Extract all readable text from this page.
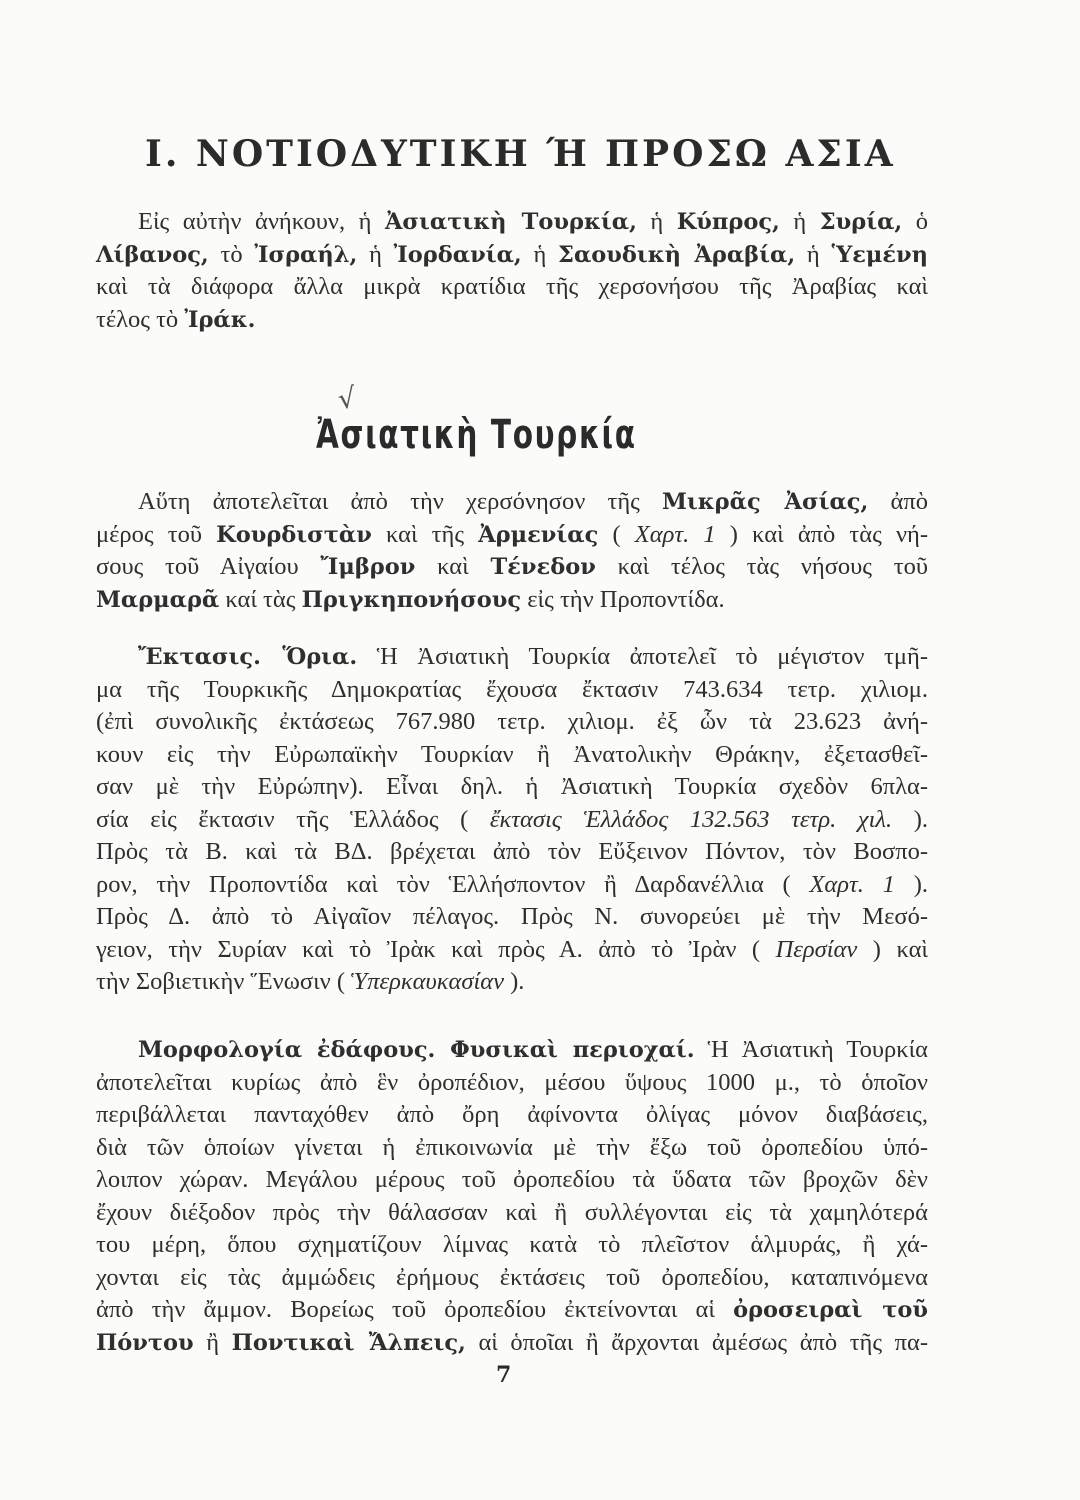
I. ΝΟΤΙΟΔΥΤΙΚΗ Ή ΠΡΟΣΩ ΑΣΙΑ

Εἰς αὐτὴν ἀνήκουν, ἡ Ἀσιατικὴ Τουρκία, ἡ Κύπρος, ἡ Συρία, ὁ
Λίβανος, τὸ Ἰσραήλ, ἡ Ἰορδανία, ἡ Σαουδικὴ Ἀραβία, ἡ Ὑεμένη
καὶ τὰ διάφορα ἄλλα μικρὰ κρατίδια τῆς χερσονήσου τῆς Ἀραβίας καὶ
τέλος τὸ Ἰράκ.

√
Ἀσιατικὴ Τουρκία

Αὕτη ἀποτελεῖται ἀπὸ τὴν χερσόνησον τῆς Μικρᾶς Ἀσίας, ἀπὸ
μέρος τοῦ Κουρδιστὰν καὶ τῆς Ἀρμενίας ( Χαρτ. 1 ) καὶ ἀπὸ τὰς νή-
σους τοῦ Αἰγαίου Ἴμβρον καὶ Τένεδον καὶ τέλος τὰς νήσους τοῦ
Μαρμαρᾶ καί τὰς Πριγκηπονήσους εἰς τὴν Προποντίδα.

Ἔκτασις. Ὅρια. Ἡ Ἀσιατικὴ Τουρκία ἀποτελεῖ τὸ μέγιστον τμῆ-
μα τῆς Τουρκικῆς Δημοκρατίας ἔχουσα ἔκτασιν 743.634 τετρ. χιλιομ.
(ἐπὶ συνολικῆς ἐκτάσεως 767.980 τετρ. χιλιομ. ἐξ ὧν τὰ 23.623 ἀνή-
κουν εἰς τὴν Εὐρωπαϊκὴν Τουρκίαν ἢ Ἀνατολικὴν Θράκην, ἐξετασθεῖ-
σαν μὲ τὴν Εὐρώπην). Εἶναι δηλ. ἡ Ἀσιατικὴ Τουρκία σχεδὸν 6πλα-
σία εἰς ἔκτασιν τῆς Ἑλλάδος ( ἔκτασις Ἑλλάδος 132.563 τετρ. χιλ. ).
Πρὸς τὰ Β. καὶ τὰ ΒΔ. βρέχεται ἀπὸ τὸν Εὔξεινον Πόντον, τὸν Βοσπο-
ρον, τὴν Προποντίδα καὶ τὸν Ἑλλήσποντον ἢ Δαρδανέλλια ( Χαρτ. 1 ).
Πρὸς Δ. ἀπὸ τὸ Αἰγαῖον πέλαγος. Πρὸς Ν. συνορεύει μὲ τὴν Μεσό-
γειον, τὴν Συρίαν καὶ τὸ Ἰρὰκ καὶ πρὸς Α. ἀπὸ τὸ Ἰρὰν ( Περσίαν ) καὶ
τὴν Σοβιετικὴν Ἕνωσιν ( Ὑπερκαυκασίαν ).

Μορφολογία ἐδάφους. Φυσικαὶ περιοχαί. Ἡ Ἀσιατικὴ Τουρκία
ἀποτελεῖται κυρίως ἀπὸ ἓν ὀροπέδιον, μέσου ὕψους 1000 μ., τὸ ὁποῖον
περιβάλλεται πανταχόθεν ἀπὸ ὄρη ἀφίνοντα ὀλίγας μόνον διαβάσεις,
διὰ τῶν ὁποίων γίνεται ἡ ἐπικοινωνία μὲ τὴν ἔξω τοῦ ὀροπεδίου ὑπό-
λοιπον χώραν. Μεγάλου μέρους τοῦ ὀροπεδίου τὰ ὕδατα τῶν βροχῶν δὲν
ἔχουν διέξοδον πρὸς τὴν θάλασσαν καὶ ἢ συλλέγονται εἰς τὰ χαμηλότερά
του μέρη, ὅπου σχηματίζουν λίμνας κατὰ τὸ πλεῖστον ἁλμυράς, ἢ χά-
χονται εἰς τὰς ἀμμώδεις ἐρήμους ἐκτάσεις τοῦ ὀροπεδίου, καταπινόμενα
ἀπὸ τὴν ἄμμον. Βορείως τοῦ ὀροπεδίου ἐκτείνονται αἱ ὀροσειραὶ τοῦ
Πόντου ἢ Ποντικαὶ Ἄλπεις, αἱ ὁποῖαι ἢ ἄρχονται ἀμέσως ἀπὸ τῆς πα-

7
